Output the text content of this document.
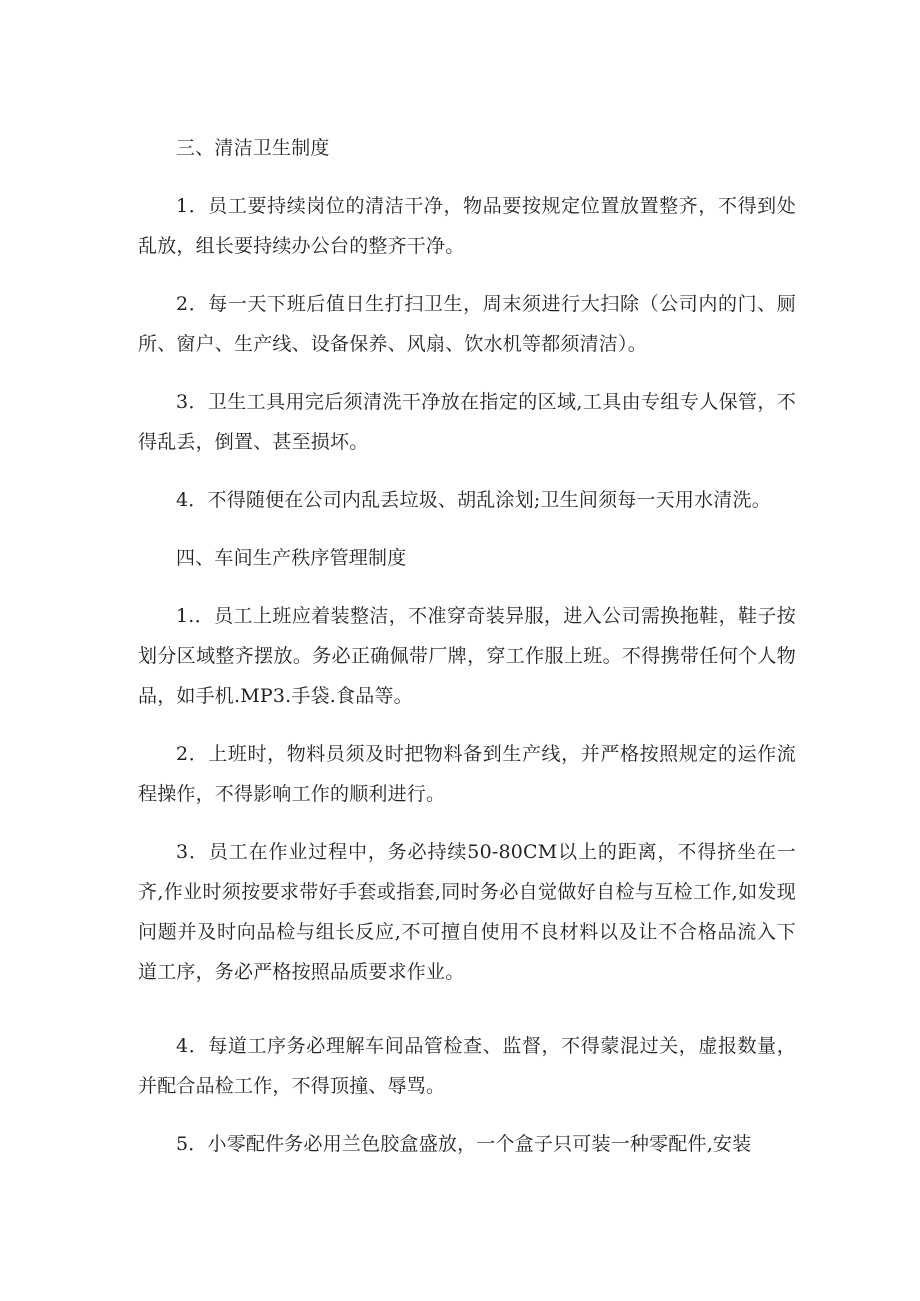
三、清洁卫生制度

1．员工要持续岗位的清洁干净，物品要按规定位置放置整齐，不得到处乱放，组长要持续办公台的整齐干净。

2．每一天下班后值日生打扫卫生，周末须进行大扫除（公司内的门、厕所、窗户、生产线、设备保养、风扇、饮水机等都须清洁）。

3．卫生工具用完后须清洗干净放在指定的区域,工具由专组专人保管，不得乱丢，倒置、甚至损坏。

4．不得随便在公司内乱丢垃圾、胡乱涂划;卫生间须每一天用水清洗。

四、车间生产秩序管理制度

1.．员工上班应着装整洁，不准穿奇装异服，进入公司需换拖鞋，鞋子按划分区域整齐摆放。务必正确佩带厂牌，穿工作服上班。不得携带任何个人物品，如手机.MP3.手袋.食品等。

2．上班时，物料员须及时把物料备到生产线，并严格按照规定的运作流程操作，不得影响工作的顺利进行。

3．员工在作业过程中，务必持续50-80CM以上的距离，不得挤坐在一齐,作业时须按要求带好手套或指套,同时务必自觉做好自检与互检工作,如发现问题并及时向品检与组长反应,不可擅自使用不良材料以及让不合格品流入下道工序，务必严格按照品质要求作业。

4．每道工序务必理解车间品管检查、监督，不得蒙混过关，虚报数量，并配合品检工作，不得顶撞、辱骂。

5．小零配件务必用兰色胶盒盛放，一个盒子只可装一种零配件,安装
